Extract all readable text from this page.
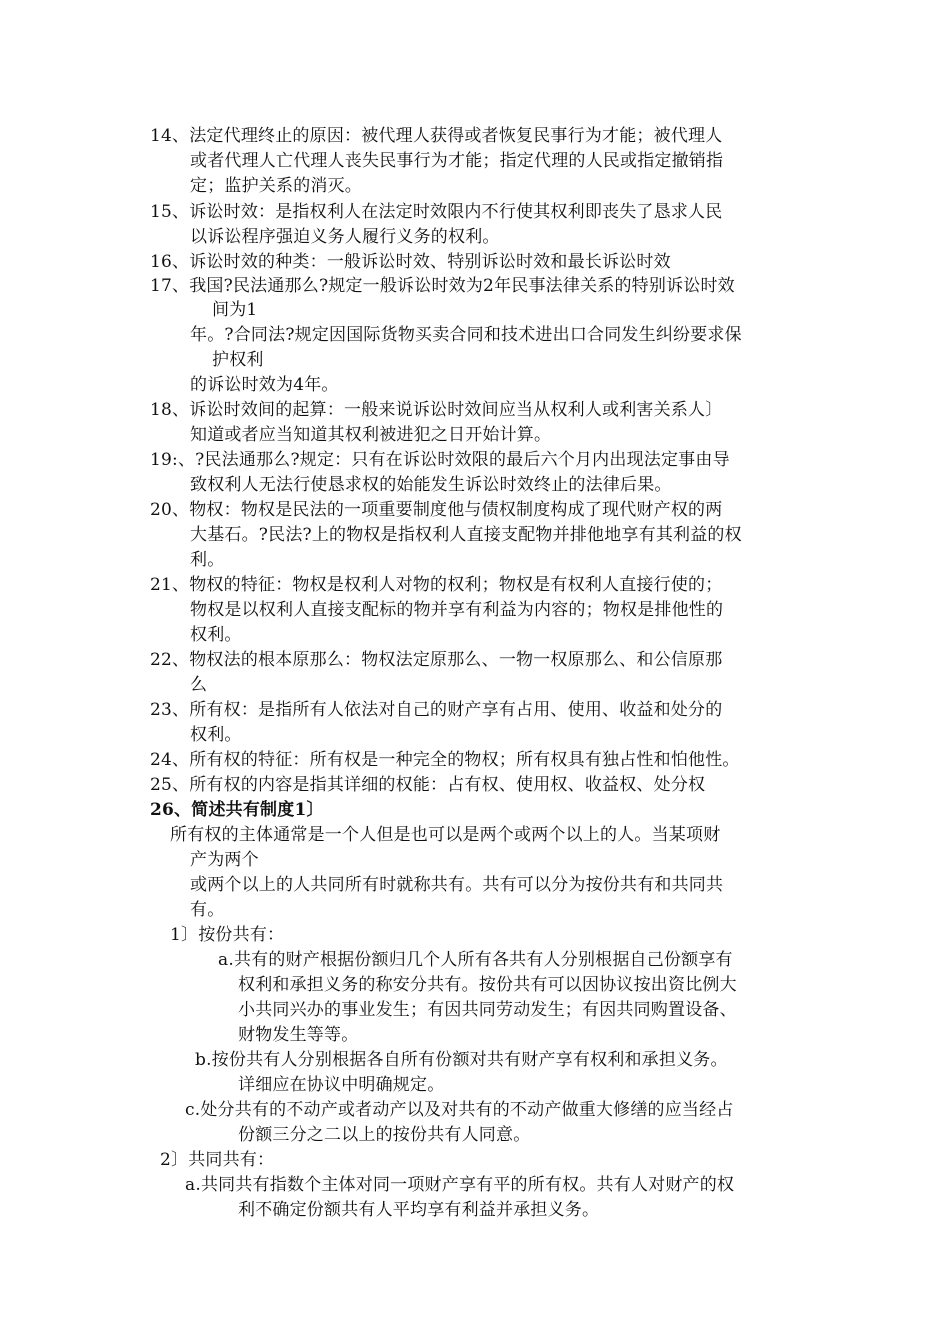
14、法定代理终止的原因：被代理人获得或者恢复民事行为才能；被代理人
或者代理人亡代理人丧失民事行为才能；指定代理的人民或指定撤销指
定；监护关系的消灭。
15、诉讼时效：是指权利人在法定时效限内不行使其权利即丧失了恳求人民
以诉讼程序强迫义务人履行义务的权利。
16、诉讼时效的种类：一般诉讼时效、特别诉讼时效和最长诉讼时效
17、我国?民法通那么?规定一般诉讼时效为2年民事法律关系的特别诉讼时效
间为1
年。?合同法?规定因国际货物买卖合同和技术进出口合同发生纠纷要求保
护权利
的诉讼时效为4年。
18、诉讼时效间的起算：一般来说诉讼时效间应当从权利人或利害关系人〕
知道或者应当知道其权利被进犯之日开始计算。
19:、?民法通那么?规定：只有在诉讼时效限的最后六个月内出现法定事由导
致权利人无法行使恳求权的始能发生诉讼时效终止的法律后果。
20、物权：物权是民法的一项重要制度他与债权制度构成了现代财产权的两
大基石。?民法?上的物权是指权利人直接支配物并排他地享有其利益的权
利。
21、物权的特征：物权是权利人对物的权利；物权是有权利人直接行使的；
物权是以权利人直接支配标的物并享有利益为内容的；物权是排他性的
权利。
22、物权法的根本原那么：物权法定原那么、一物一权原那么、和公信原那
么
23、所有权：是指所有人依法对自己的财产享有占用、使用、收益和处分的
权利。
24、所有权的特征：所有权是一种完全的物权；所有权具有独占性和怕他性。
25、所有权的内容是指其详细的权能：占有权、使用权、收益权、处分权
26、简述共有制度1〕
所有权的主体通常是一个人但是也可以是两个或两个以上的人。当某项财
产为两个
或两个以上的人共同所有时就称共有。共有可以分为按份共有和共同共
有。
1〕按份共有：
a.共有的财产根据份额归几个人所有各共有人分别根据自己份额享有
权利和承担义务的称安分共有。按份共有可以因协议按出资比例大
小共同兴办的事业发生；有因共同劳动发生；有因共同购置设备、
财物发生等等。
b.按份共有人分别根据各自所有份额对共有财产享有权利和承担义务。
详细应在协议中明确规定。
c.处分共有的不动产或者动产以及对共有的不动产做重大修缮的应当经占
份额三分之二以上的按份共有人同意。
2〕共同共有：
a.共同共有指数个主体对同一项财产享有平的所有权。共有人对财产的权
利不确定份额共有人平均享有利益并承担义务。
